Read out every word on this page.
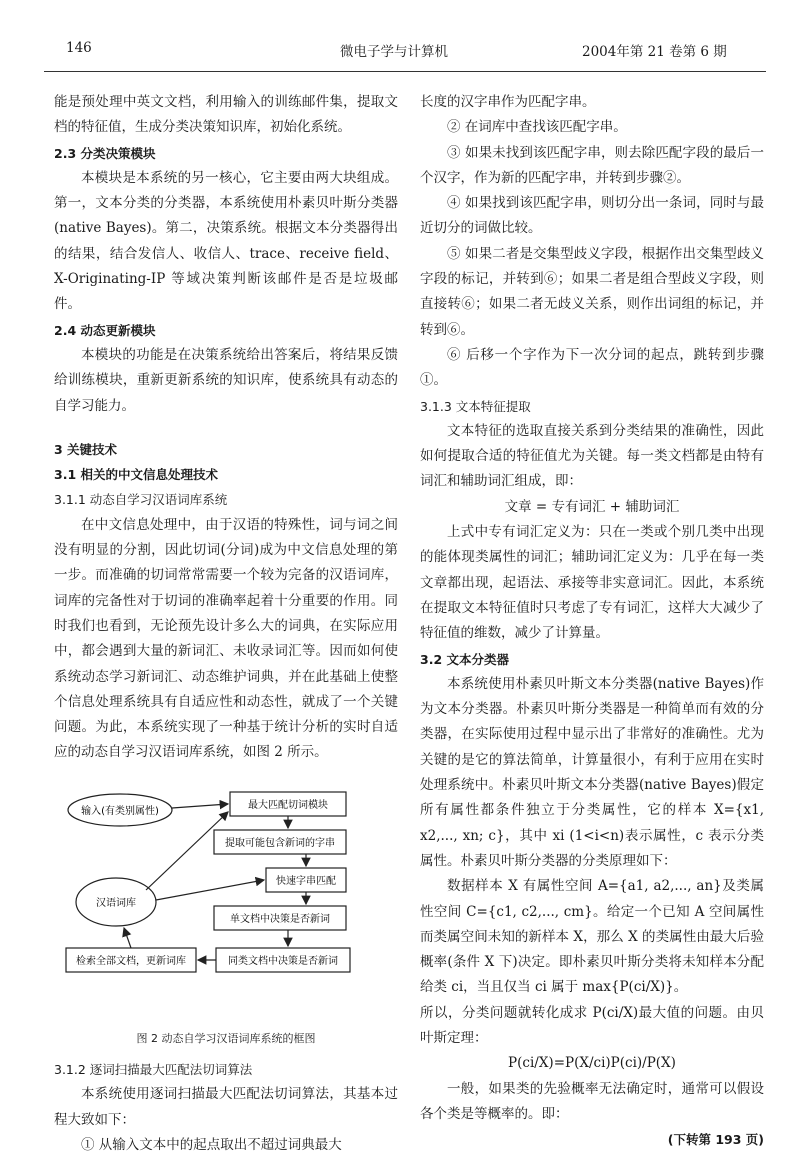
146	微电子学与计算机	2004年第 21 卷第 6 期

能是预处理中英文文档，利用输入的训练邮件集，提取文档的特征值，生成分类决策知识库，初始化系统。

2.3 分类决策模块

本模块是本系统的另一核心，它主要由两大块组成。第一，文本分类的分类器，本系统使用朴素贝叶斯分类器(native Bayes)。第二，决策系统。根据文本分类器得出的结果，结合发信人、收信人、trace、receive field、X-Originating-IP 等域决策判断该邮件是否是垃圾邮件。

2.4 动态更新模块

本模块的功能是在决策系统给出答案后，将结果反馈给训练模块，重新更新系统的知识库，使系统具有动态的自学习能力。

3 关键技术

3.1 相关的中文信息处理技术

3.1.1 动态自学习汉语词库系统

在中文信息处理中，由于汉语的特殊性，词与词之间没有明显的分割，因此切词(分词)成为中文信息处理的第一步。而准确的切词常常需要一个较为完备的汉语词库，词库的完备性对于切词的准确率起着十分重要的作用。同时我们也看到，无论预先设计多么大的词典，在实际应用中，都会遇到大量的新词汇、未收录词汇等。因而如何使系统动态学习新词汇、动态维护词典，并在此基础上使整个信息处理系统具有自适应性和动态性，就成了一个关键问题。为此，本系统实现了一种基于统计分析的实时自适应的动态自学习汉语词库系统，如图 2 所示。

输入(有类别属性)
汉语词库
最大匹配切词模块
提取可能包含新词的字串
快速字串匹配
单文档中决策是否新词
同类文档中决策是否新词
检索全部文档，更新词库
图 2 动态自学习汉语词库系统的框图

3.1.2 逐词扫描最大匹配法切词算法

本系统使用逐词扫描最大匹配法切词算法，其基本过程大致如下：

① 从输入文本中的起点取出不超过词典最大

长度的汉字串作为匹配字串。

② 在词库中查找该匹配字串。

③ 如果未找到该匹配字串，则去除匹配字段的最后一个汉字，作为新的匹配字串，并转到步骤②。

④ 如果找到该匹配字串，则切分出一条词，同时与最近切分的词做比较。

⑤ 如果二者是交集型歧义字段，根据作出交集型歧义字段的标记，并转到⑥；如果二者是组合型歧义字段，则直接转⑥；如果二者无歧义关系，则作出词组的标记，并转到⑥。

⑥ 后移一个字作为下一次分词的起点，跳转到步骤①。

3.1.3 文本特征提取

文本特征的选取直接关系到分类结果的准确性，因此如何提取合适的特征值尤为关键。每一类文档都是由特有词汇和辅助词汇组成，即：

文章 = 专有词汇 + 辅助词汇

上式中专有词汇定义为：只在一类或个别几类中出现的能体现类属性的词汇；辅助词汇定义为：几乎在每一类文章都出现，起语法、承接等非实意词汇。因此，本系统在提取文本特征值时只考虑了专有词汇，这样大大减少了特征值的维数，减少了计算量。

3.2 文本分类器

本系统使用朴素贝叶斯文本分类器(native Bayes)作为文本分类器。朴素贝叶斯分类器是一种简单而有效的分类器，在实际使用过程中显示出了非常好的准确性。尤为关键的是它的算法简单，计算量很小，有利于应用在实时处理系统中。朴素贝叶斯文本分类器(native Bayes)假定所有属性都条件独立于分类属性，它的样本 X={x1, x2,..., xn; c}，其中 xi (1<i<n)表示属性，c 表示分类属性。朴素贝叶斯分类器的分类原理如下：

数据样本 X 有属性空间 A={a1, a2,..., an}及类属性空间 C={c1, c2,..., cm}。给定一个已知 A 空间属性而类属空间未知的新样本 X，那么 X 的类属性由最大后验概率(条件 X 下)决定。即朴素贝叶斯分类将未知样本分配给类 ci，当且仅当 ci 属于 max{P(ci/X)}。

所以，分类问题就转化成求 P(ci/X)最大值的问题。由贝叶斯定理：

P(ci/X)=P(X/ci)P(ci)/P(X)

一般，如果类的先验概率无法确定时，通常可以假设各个类是等概率的。即：

(下转第 193 页)
